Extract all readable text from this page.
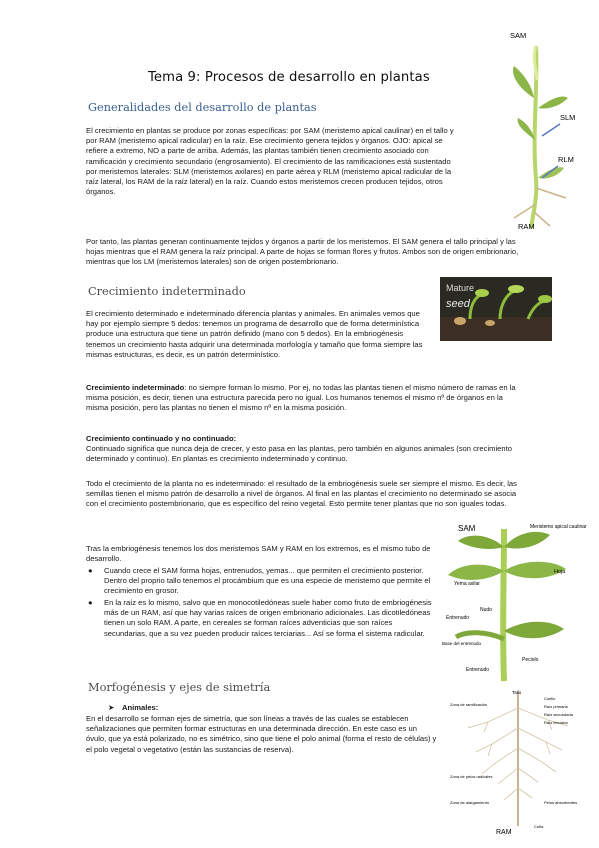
Tema 9: Procesos de desarrollo en plantas
Generalidades del desarrollo de plantas

El crecimiento en plantas se produce por zonas específicas: por SAM (meristemo apical caulinar) en el tallo y por RAM (meristemo apical radicular) en la raíz. Ese crecimiento genera tejidos y órganos. OJO: apical se refiere a extremo, NO a parte de arriba. Además, las plantas también tienen crecimiento asociado con ramificación y crecimiento secundario (engrosamiento). El crecimiento de las ramificaciones está sustentado por meristemos laterales: SLM (meristemos axilares) en parte aérea y RLM (meristemo apical radicular de la raíz lateral, los RAM de la raíz lateral) en la raíz. Cuando estos meristemos crecen producen tejidos, otros órganos.

Por tanto, las plantas generan continuamente tejidos y órganos a partir de los meristemos. El SAM genera el tallo principal y las hojas mientras que el RAM genera la raíz principal. A parte de hojas se forman flores y frutos. Ambos son de origen embrionario, mientras que los LM (meristemos laterales) son de origen postembrionario.

SAM
SLM
RLM
RAM
Crecimiento indeterminado

El crecimiento determinado e indeterminado diferencia plantas y animales. En animales vemos que hay por ejemplo siempre 5 dedos: tenemos un programa de desarrollo que de forma determinística produce una estructura que tiene un patrón definido (mano con 5 dedos). En la embriogénesis tenemos un crecimiento hasta adquirir una determinada morfología y tamaño que forma siempre las mismas estructuras, es decir, es un patrón determinístico.

Mature
seed

Crecimiento indeterminado: no siempre forman lo mismo. Por ej, no todas las plantas tienen el mismo número de ramas en la misma posición, es decir, tienen una estructura parecida pero no igual. Los humanos tenemos el mismo nº de órganos en la misma posición, pero las plantas no tienen el mismo nº en la misma posición.

Crecimiento continuado y no continuado:
Continuado significa que nunca deja de crecer, y esto pasa en las plantas, pero también en algunos animales (son crecimiento determinado y continuo). En plantas es crecimiento indeterminado y continuo.

Todo el crecimiento de la planta no es indeterminado: el resultado de la embriogénesis suele ser siempre el mismo. Es decir, las semillas tienen el mismo patrón de desarrollo a nivel de órganos. Al final en las plantas el crecimiento no determinado se asocia con el crecimiento postembrionario, que es específico del reino vegetal. Esto permite tener plantas que no son iguales todas.

Tras la embriogénesis tenemos los dos meristemos SAM y RAM en los extremos, es el mismo tubo de desarrollo.

● Cuando crece el SAM forma hojas, entrenudos, yemas... que permiten el crecimiento posterior. Dentro del proprio tallo tenemos el procámbium que es una especie de meristemo que permite el crecimiento en grosor.

● En la raíz es lo mismo, salvo que en monocotiledóneas suele haber como fruto de embriogénesis más de un RAM, así que hay varias raíces de origen embrionario adicionales. Las dicotiledóneas tienen un solo RAM. A parte, en cereales se forman raíces adventicias que son raíces secundarias, que a su vez pueden producir raíces terciarias... Así se forma el sistema radicular.

SAM	Meristemo apical caulinar
Hoja
Yema axilar
Nudo
Entrenudo
Base del entrenudo
Entrenudo
Peciolo
Morfogénesis y ejes de simetría
➤ Animales:

En el desarrollo se forman ejes de simetría, que son líneas a través de las cuales se establecen señalizaciones que permiten formar estructuras en una determinada dirección. En este caso es un óvulo, que ya está polarizado, no es simétrico, sino que tiene el polo animal (forma el resto de células) y el polo vegetal o vegetativo (están las sustancias de reserva).

Tallo
Zona de ramificación
Cuello
Raíz primaria
Raíz secundaria
Raíz terciaria
Zona de pelos radicales
Zona de alargamiento	Pelos absorbentes
Cofia
RAM
